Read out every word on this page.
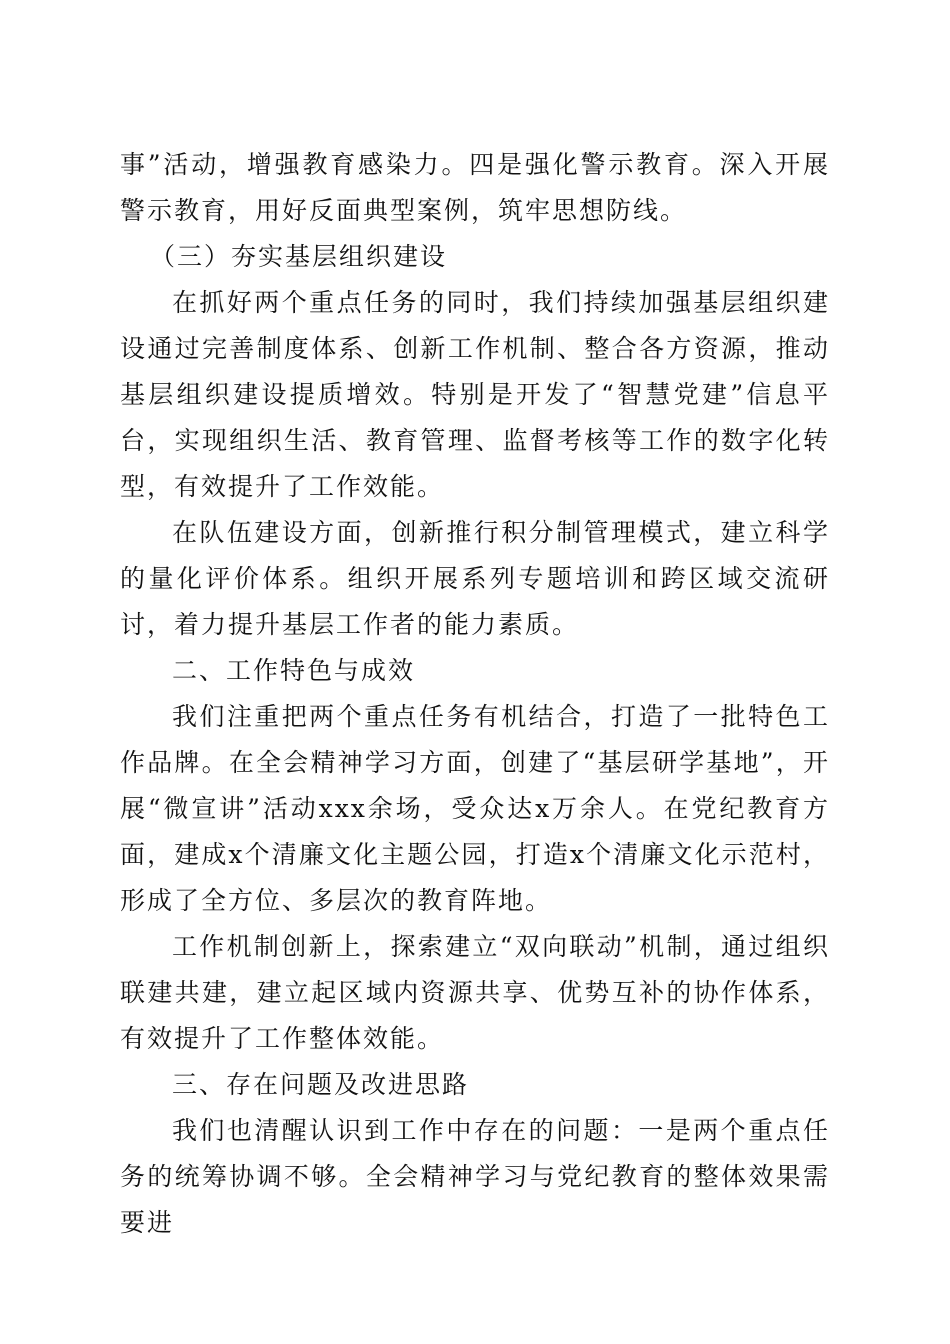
事”活动，增强教育感染力。四是强化警示教育。深入开展警示教育，用好反面典型案例，筑牢思想防线。

（三）夯实基层组织建设

在抓好两个重点任务的同时，我们持续加强基层组织建设通过完善制度体系、创新工作机制、整合各方资源，推动基层组织建设提质增效。特别是开发了“智慧党建”信息平台，实现组织生活、教育管理、监督考核等工作的数字化转型，有效提升了工作效能。

在队伍建设方面，创新推行积分制管理模式，建立科学的量化评价体系。组织开展系列专题培训和跨区域交流研讨，着力提升基层工作者的能力素质。

二、工作特色与成效

我们注重把两个重点任务有机结合，打造了一批特色工作品牌。在全会精神学习方面，创建了“基层研学基地”，开展“微宣讲”活动xxx余场，受众达x万余人。在党纪教育方面，建成x个清廉文化主题公园，打造x个清廉文化示范村，形成了全方位、多层次的教育阵地。

工作机制创新上，探索建立“双向联动”机制，通过组织联建共建，建立起区域内资源共享、优势互补的协作体系，有效提升了工作整体效能。

三、存在问题及改进思路

我们也清醒认识到工作中存在的问题：一是两个重点任务的统筹协调不够。全会精神学习与党纪教育的整体效果需要进
